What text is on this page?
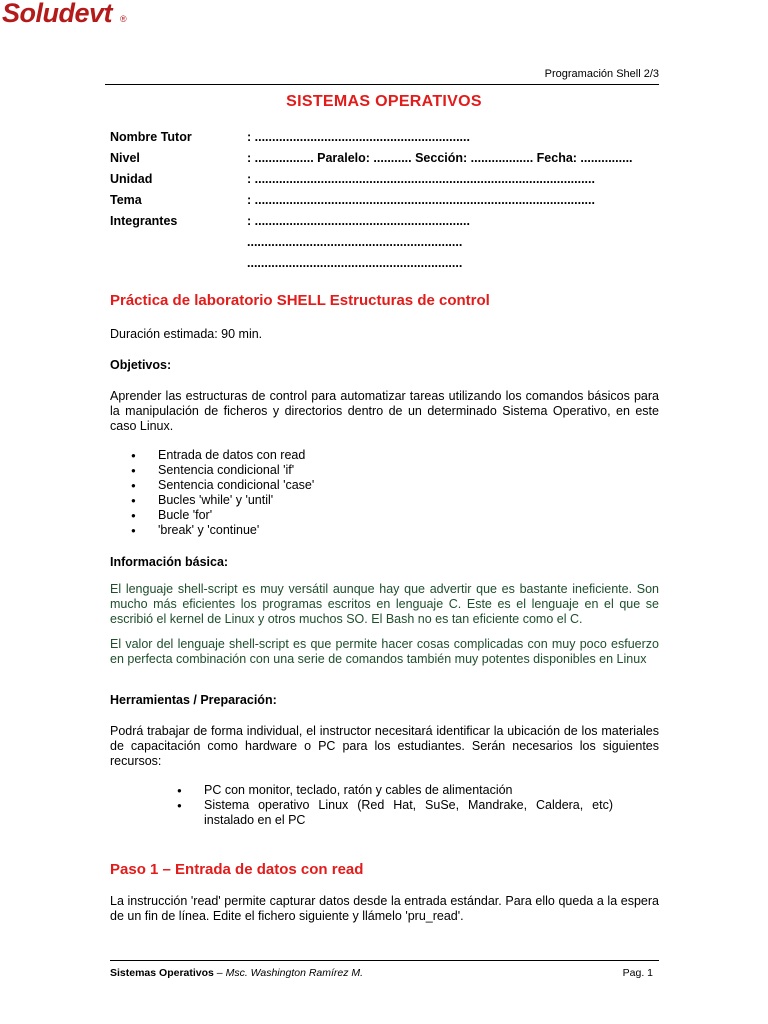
Soludevt ®
Programación Shell 2/3
SISTEMAS OPERATIVOS
Nombre Tutor	: ..............................................................
Nivel	: ................. Paralelo: ........... Sección: .................. Fecha: ...............
Unidad	: ..................................................................................................
Tema	: ..................................................................................................
Integrantes	: ..............................................................
..............................................................
..............................................................
Práctica de laboratorio SHELL Estructuras de control
Duración estimada: 90 min.
Objetivos:
Aprender las estructuras de control para automatizar tareas utilizando los comandos básicos para la manipulación de ficheros y directorios dentro de un determinado Sistema Operativo, en este caso Linux.
● Entrada de datos con read
● Sentencia condicional 'if'
● Sentencia condicional 'case'
● Bucles 'while' y 'until'
● Bucle 'for'
● 'break' y 'continue'
Información básica:
El lenguaje shell-script es muy versátil aunque hay que advertir que es bastante ineficiente. Son mucho más eficientes los programas escritos en lenguaje C. Este es el lenguaje en el que se escribió el kernel de Linux y otros muchos SO. El Bash no es tan eficiente como el C.
El valor del lenguaje shell-script es que permite hacer cosas complicadas con muy poco esfuerzo en perfecta combinación con una serie de comandos también muy potentes disponibles en Linux
Herramientas / Preparación:
Podrá trabajar de forma individual, el instructor necesitará identificar la ubicación de los materiales de capacitación como hardware o PC para los estudiantes. Serán necesarios los siguientes recursos:
● PC con monitor, teclado, ratón y cables de alimentación
● Sistema operativo Linux (Red Hat, SuSe, Mandrake, Caldera, etc) instalado en el PC
Paso 1 – Entrada de datos con read
La instrucción 'read' permite capturar datos desde la entrada estándar. Para ello queda a la espera de un fin de línea. Edite el fichero siguiente y llámelo 'pru_read'.
Sistemas Operativos – Msc. Washington Ramírez M.	Pag. 1
